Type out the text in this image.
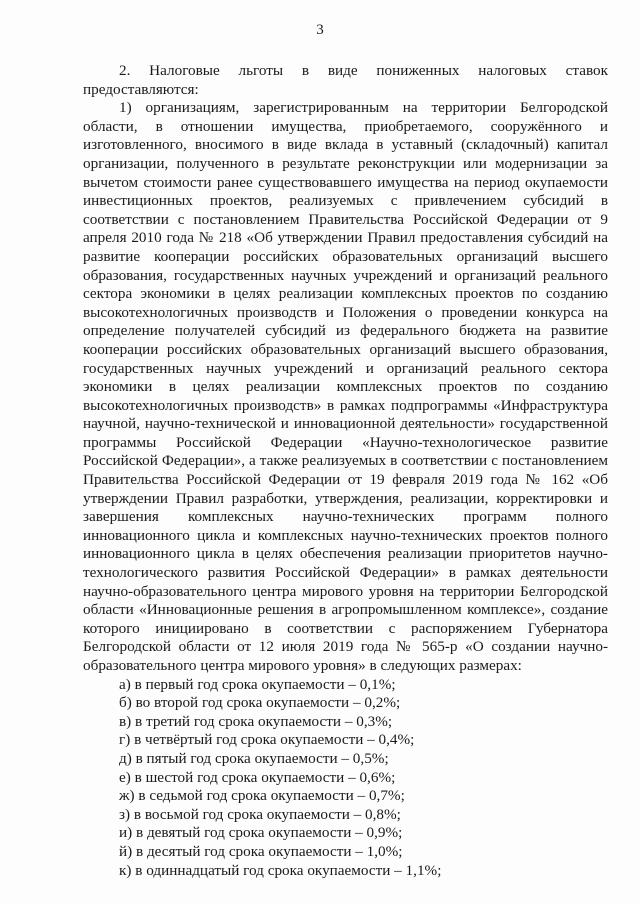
3

2. Налоговые льготы в виде пониженных налоговых ставок предоставляются:

1) организациям, зарегистрированным на территории Белгородской области, в отношении имущества, приобретаемого, сооружённого и изготовленного, вносимого в виде вклада в уставный (складочный) капитал организации, полученного в результате реконструкции или модернизации за вычетом стоимости ранее существовавшего имущества на период окупаемости инвестиционных проектов, реализуемых с привлечением субсидий в соответствии с постановлением Правительства Российской Федерации от 9 апреля 2010 года № 218 «Об утверждении Правил предоставления субсидий на развитие кооперации российских образовательных организаций высшего образования, государственных научных учреждений и организаций реального сектора экономики в целях реализации комплексных проектов по созданию высокотехнологичных производств и Положения о проведении конкурса на определение получателей субсидий из федерального бюджета на развитие кооперации российских образовательных организаций высшего образования, государственных научных учреждений и организаций реального сектора экономики в целях реализации комплексных проектов по созданию высокотехнологичных производств» в рамках подпрограммы «Инфраструктура научной, научно-технической и инновационной деятельности» государственной программы Российской Федерации «Научно-технологическое развитие Российской Федерации», а также реализуемых в соответствии с постановлением Правительства Российской Федерации от 19 февраля 2019 года № 162 «Об утверждении Правил разработки, утверждения, реализации, корректировки и завершения комплексных научно-технических программ полного инновационного цикла и комплексных научно-технических проектов полного инновационного цикла в целях обеспечения реализации приоритетов научно-технологического развития Российской Федерации» в рамках деятельности научно-образовательного центра мирового уровня на территории Белгородской области «Инновационные решения в агропромышленном комплексе», создание которого инициировано в соответствии с распоряжением Губернатора Белгородской области от 12 июля 2019 года № 565-р «О создании научно-образовательного центра мирового уровня» в следующих размерах:

а) в первый год срока окупаемости – 0,1%;
б) во второй год срока окупаемости – 0,2%;
в) в третий год срока окупаемости – 0,3%;
г) в четвёртый год срока окупаемости – 0,4%;
д) в пятый год срока окупаемости – 0,5%;
е) в шестой год срока окупаемости – 0,6%;
ж) в седьмой год срока окупаемости – 0,7%;
з) в восьмой год срока окупаемости – 0,8%;
и) в девятый год срока окупаемости – 0,9%;
й) в десятый год срока окупаемости – 1,0%;
к) в одиннадцатый год срока окупаемости – 1,1%;
